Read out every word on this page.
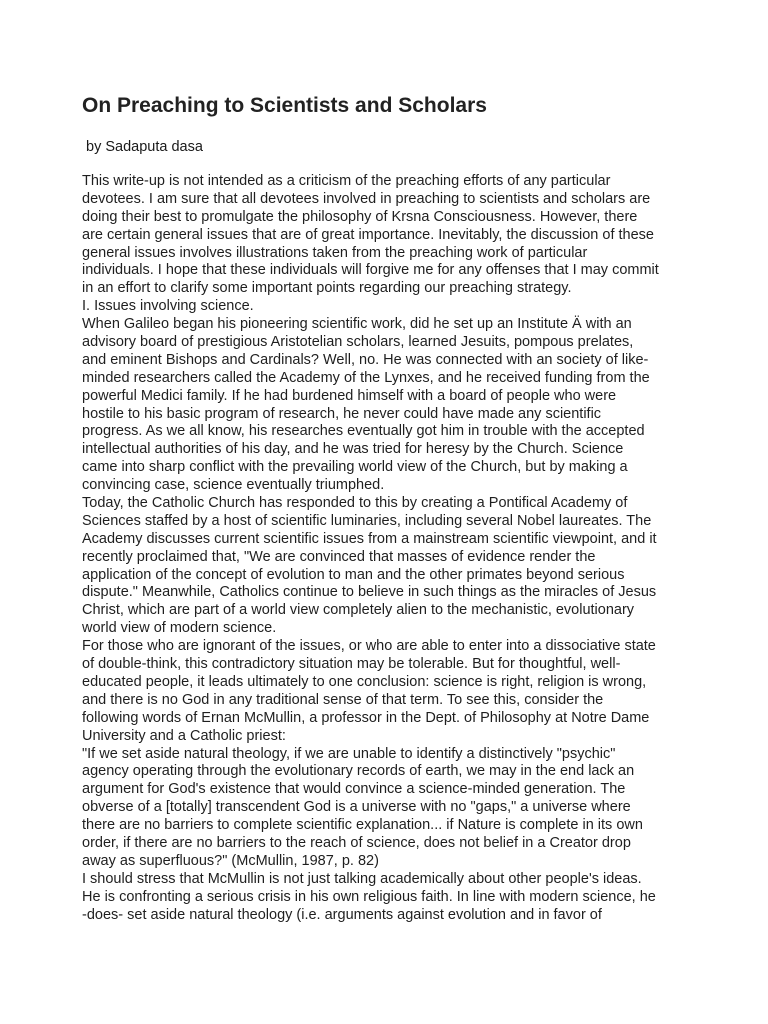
On Preaching to Scientists and Scholars

by Sadaputa dasa

This write-up is not intended as a criticism of the preaching efforts of any particular
devotees. I am sure that all devotees involved in preaching to scientists and scholars are
doing their best to promulgate the philosophy of Krsna Consciousness. However, there
are certain general issues that are of great importance. Inevitably, the discussion of these
general issues involves illustrations taken from the preaching work of particular
individuals. I hope that these individuals will forgive me for any offenses that I may commit
in an effort to clarify some important points regarding our preaching strategy.
I. Issues involving science.
When Galileo began his pioneering scientific work, did he set up an Institute Ä with an
advisory board of prestigious Aristotelian scholars, learned Jesuits, pompous prelates,
and eminent Bishops and Cardinals? Well, no. He was connected with an society of like-
minded researchers called the Academy of the Lynxes, and he received funding from the
powerful Medici family. If he had burdened himself with a board of people who were
hostile to his basic program of research, he never could have made any scientific
progress. As we all know, his researches eventually got him in trouble with the accepted
intellectual authorities of his day, and he was tried for heresy by the Church. Science
came into sharp conflict with the prevailing world view of the Church, but by making a
convincing case, science eventually triumphed.
Today, the Catholic Church has responded to this by creating a Pontifical Academy of
Sciences staffed by a host of scientific luminaries, including several Nobel laureates. The
Academy discusses current scientific issues from a mainstream scientific viewpoint, and it
recently proclaimed that, "We are convinced that masses of evidence render the
application of the concept of evolution to man and the other primates beyond serious
dispute." Meanwhile, Catholics continue to believe in such things as the miracles of Jesus
Christ, which are part of a world view completely alien to the mechanistic, evolutionary
world view of modern science.
For those who are ignorant of the issues, or who are able to enter into a dissociative state
of double-think, this contradictory situation may be tolerable. But for thoughtful, well-
educated people, it leads ultimately to one conclusion: science is right, religion is wrong,
and there is no God in any traditional sense of that term. To see this, consider the
following words of Ernan McMullin, a professor in the Dept. of Philosophy at Notre Dame
University and a Catholic priest:
"If we set aside natural theology, if we are unable to identify a distinctively "psychic"
agency operating through the evolutionary records of earth, we may in the end lack an
argument for God's existence that would convince a science-minded generation. The
obverse of a [totally] transcendent God is a universe with no "gaps," a universe where
there are no barriers to complete scientific explanation... if Nature is complete in its own
order, if there are no barriers to the reach of science, does not belief in a Creator drop
away as superfluous?" (McMullin, 1987, p. 82)
I should stress that McMullin is not just talking academically about other people's ideas.
He is confronting a serious crisis in his own religious faith. In line with modern science, he
-does- set aside natural theology (i.e. arguments against evolution and in favor of
